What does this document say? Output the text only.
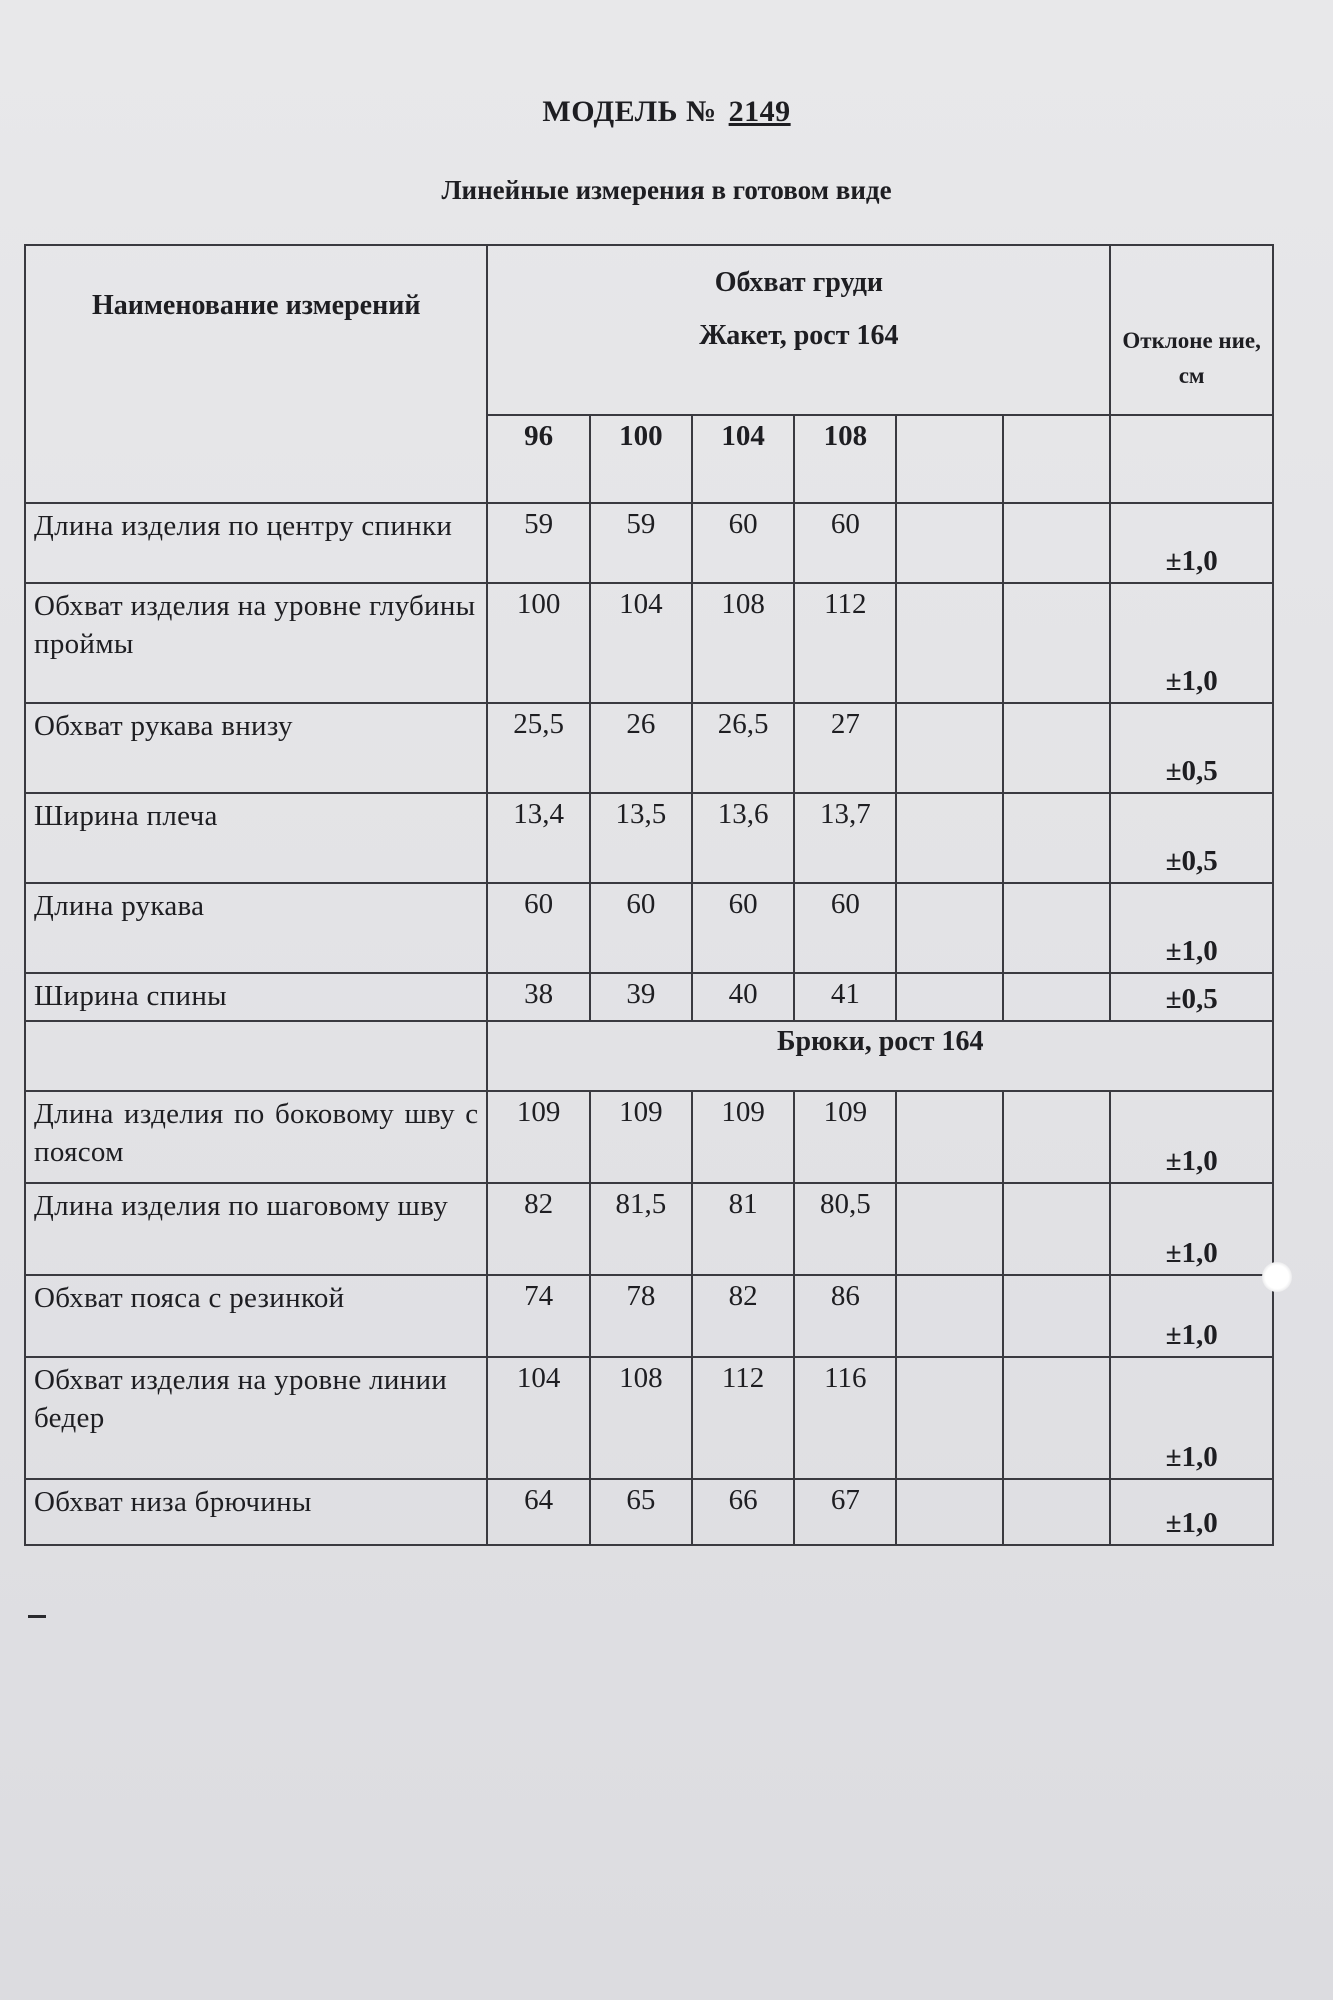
МОДЕЛЬ № 2149
Линейные измерения в готовом виде
Наименование измерений	Обхват груди
Жакет, рост 164						Отклоне ние, см
	96	100	104	108			
Длина изделия по центру спинки	59	59	60	60			±1,0
Обхват изделия на уровне глубины проймы	100	104	108	112			±1,0
Обхват рукава внизу	25,5	26	26,5	27			±0,5
Ширина плеча	13,4	13,5	13,6	13,7			±0,5
Длина рукава	60	60	60	60			±1,0
Ширина спины	38	39	40	41			±0,5
	Брюки, рост 164						
Длина изделия по боковому шву с поясом	109	109	109	109			±1,0
Длина изделия по шаговому шву	82	81,5	81	80,5			±1,0
Обхват пояса с резинкой	74	78	82	86			±1,0
Обхват изделия на уровне линии бедер	104	108	112	116			±1,0
Обхват низа брючины	64	65	66	67			±1,0
